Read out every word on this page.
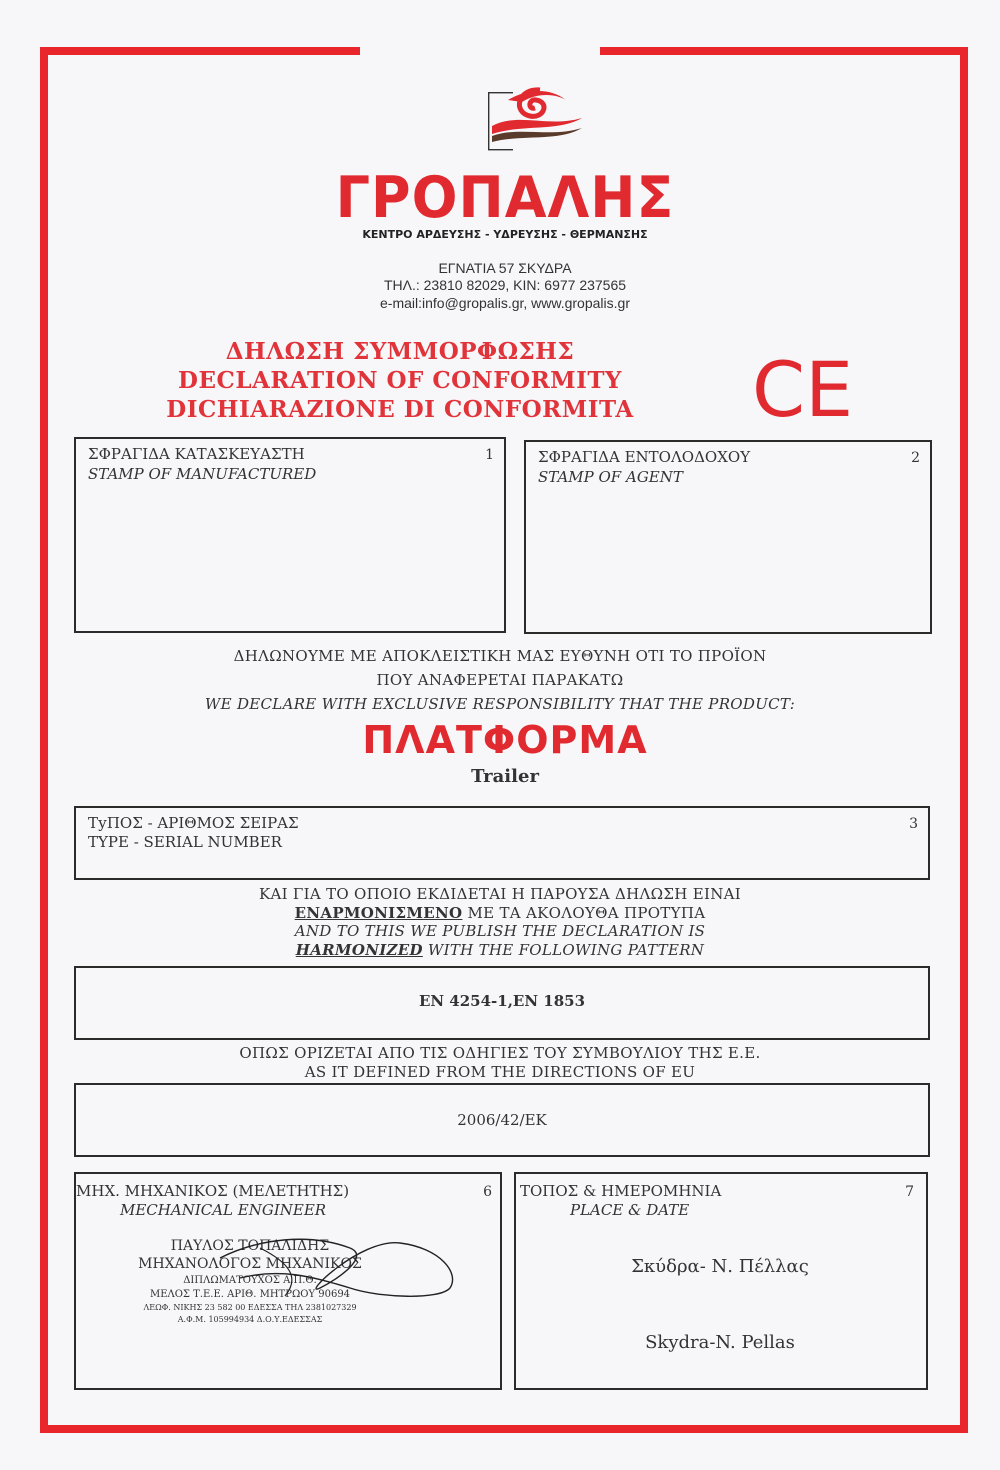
ΓΡΟΠΑΛΗΣ
ΚΕΝΤΡΟ ΑΡΔΕΥΣΗΣ - ΥΔΡΕΥΣΗΣ - ΘΕΡΜΑΝΣΗΣ
ΕΓΝΑΤΙΑ 57 ΣΚΥΔΡΑ
ΤΗΛ.: 23810 82029, ΚΙΝ: 6977 237565
e-mail:info@gropalis.gr, www.gropalis.gr
ΔΗΛΩΣΗ ΣΥΜΜΟΡΦΩΣΗΣ
DECLARATION OF CONFORMITY
DICHIARAZIONE DI CONFORMITA	CE
ΣΦΡΑΓΙΔΑ ΚΑΤΑΣΚΕΥΑΣΤΗ
STAMP OF MANUFACTURED
1	ΣΦΡΑΓΙΔΑ ΕΝΤΟΛΟΔΟΧΟΥ
STAMP OF AGENT
2
ΔΗΛΩΝΟΥΜΕ ΜΕ ΑΠΟΚΛΕΙΣΤΙΚΗ ΜΑΣ ΕΥΘΥΝΗ ΟΤΙ ΤΟ ΠΡΟΪΟΝ
ΠΟΥ ΑΝΑΦΕΡΕΤΑΙ ΠΑΡΑΚΑΤΩ
WE DECLARE WITH EXCLUSIVE RESPONSIBILITY THAT THE PRODUCT:
ΠΛΑΤΦΟΡΜΑ
Trailer
ΤуΠΟΣ - ΑΡΙΘΜΟΣ ΣΕΙΡΑΣ
TYPE - SERIAL NUMBER
3
ΚΑΙ ΓΙΑ ΤΟ ΟΠΟΙΟ ΕΚΔΙΔΕΤΑΙ Η ΠΑΡΟΥΣΑ ΔΗΛΩΣΗ ΕΙΝΑΙ
ΕΝΑΡΜΟΝΙΣΜΕΝΟ ΜΕ ΤΑ ΑΚΟΛΟΥΘΑ ΠΡΟΤΥΠΑ
AND TO THIS WE PUBLISH THE DECLARATION IS
HARMONIZED WITH THE FOLLOWING PATTERN
EN 4254-1,EN 1853
ΟΠΩΣ ΟΡΙΖΕΤΑΙ ΑΠΟ ΤΙΣ ΟΔΗΓΙΕΣ ΤΟΥ ΣΥΜΒΟΥΛΙΟΥ ΤΗΣ Ε.Ε.
AS IT DEFINED FROM THE DIRECTIONS OF EU
2006/42/EK
ΜΗΧ. ΜΗΧΑΝΙΚΟΣ (ΜΕΛΕΤΗΤΗΣ)
MECHANICAL ENGINEER
6
ΠΑΥΛΟΣ ΤΟΠΑΛΙΔΗΣ
ΜΗΧΑΝΟΛΟΓΟΣ ΜΗΧΑΝΙΚΟΣ
ΔΙΠΛΩΜΑΤΟΥΧΟΣ Α.Π.Θ.
ΜΕΛΟΣ Τ.Ε.Ε. ΑΡΙΘ. ΜΗΤΡΩΟΥ 90694
ΛΕΩΦ. ΝΙΚΗΣ 23 582 00 ΕΔΕΣΣΑ ΤΗΛ 2381027329
Α.Φ.Μ. 105994934 Δ.Ο.Υ.ΕΔΕΣΣΑΣ
ΤΟΠΟΣ & ΗΜΕΡΟΜΗΝΙΑ
PLACE & DATE
7
Σκύδρα- Ν. Πέλλας
Skydra-N. Pellas
